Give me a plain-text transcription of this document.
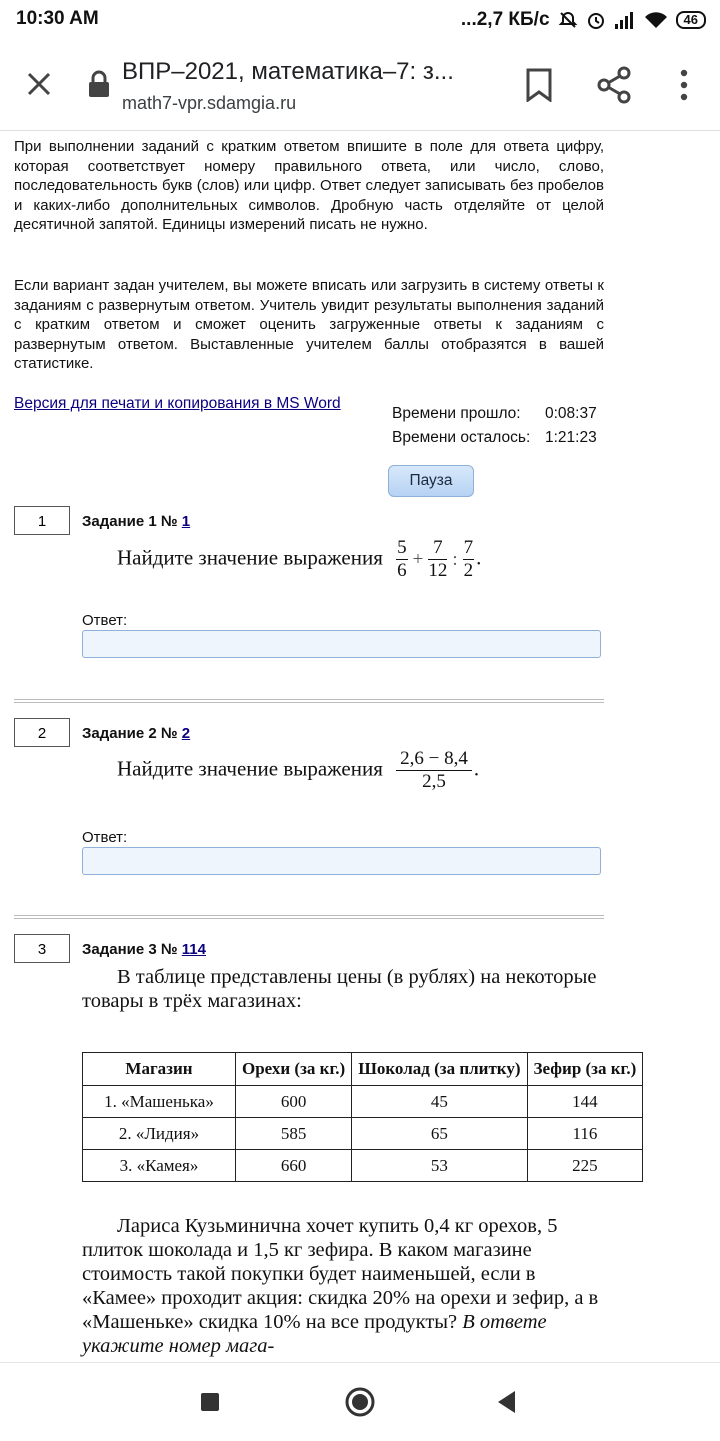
10:30 AM	...2,7 КБ/с	46
ВПР–2021, математика–7: з...
math7-vpr.sdamgia.ru

При выполнении заданий с кратким ответом впишите в поле для ответа цифру, которая соответствует номеру правильного ответа, или число, слово, последовательность букв (слов) или цифр. Ответ следует записывать без пробелов и каких-либо дополнительных символов. Дробную часть отделяйте от целой десятичной запятой. Единицы измерений писать не нужно.

Если вариант задан учителем, вы можете вписать или загрузить в систему ответы к заданиям с развернутым ответом. Учитель увидит результаты выполнения заданий с кратким ответом и сможет оценить загруженные ответы к заданиям с развернутым ответом. Выставленные учителем баллы отобразятся в вашей статистике.

Версия для печати и копирования в MS Word
Времени прошло: 0:08:37
Времени осталось: 1:21:23
Пауза
1	Задание 1 № 1
Найдите значение выражения $\frac{5}{6} + \frac{7}{12}$ : $\frac{7}{2}$ .
Ответ:
2	Задание 2 № 2
Найдите значение выражения $\frac{2,6 - 8,4}{2,5}$ .
Ответ:
3	Задание 3 № 114

В таблице представлены цены (в рублях) на некоторые товары в трёх магазинах:

Магазин	Орехи (за кг.)	Шоколад (за плитку)	Зефир (за кг.)
1. «Машенька»	600	45	144
2. «Лидия»	585	65	116
3. «Камея»	660	53	225

Лариса Кузьминична хочет купить 0,4 кг орехов, 5 плиток шоколада и 1,5 кг зефира. В каком магазине стоимость такой покупки будет наименьшей, если в «Камее» проходит акция: скидка 20% на орехи и зефир, а в «Машеньке» скидка 10% на все продукты? В ответе укажите номер мага-
